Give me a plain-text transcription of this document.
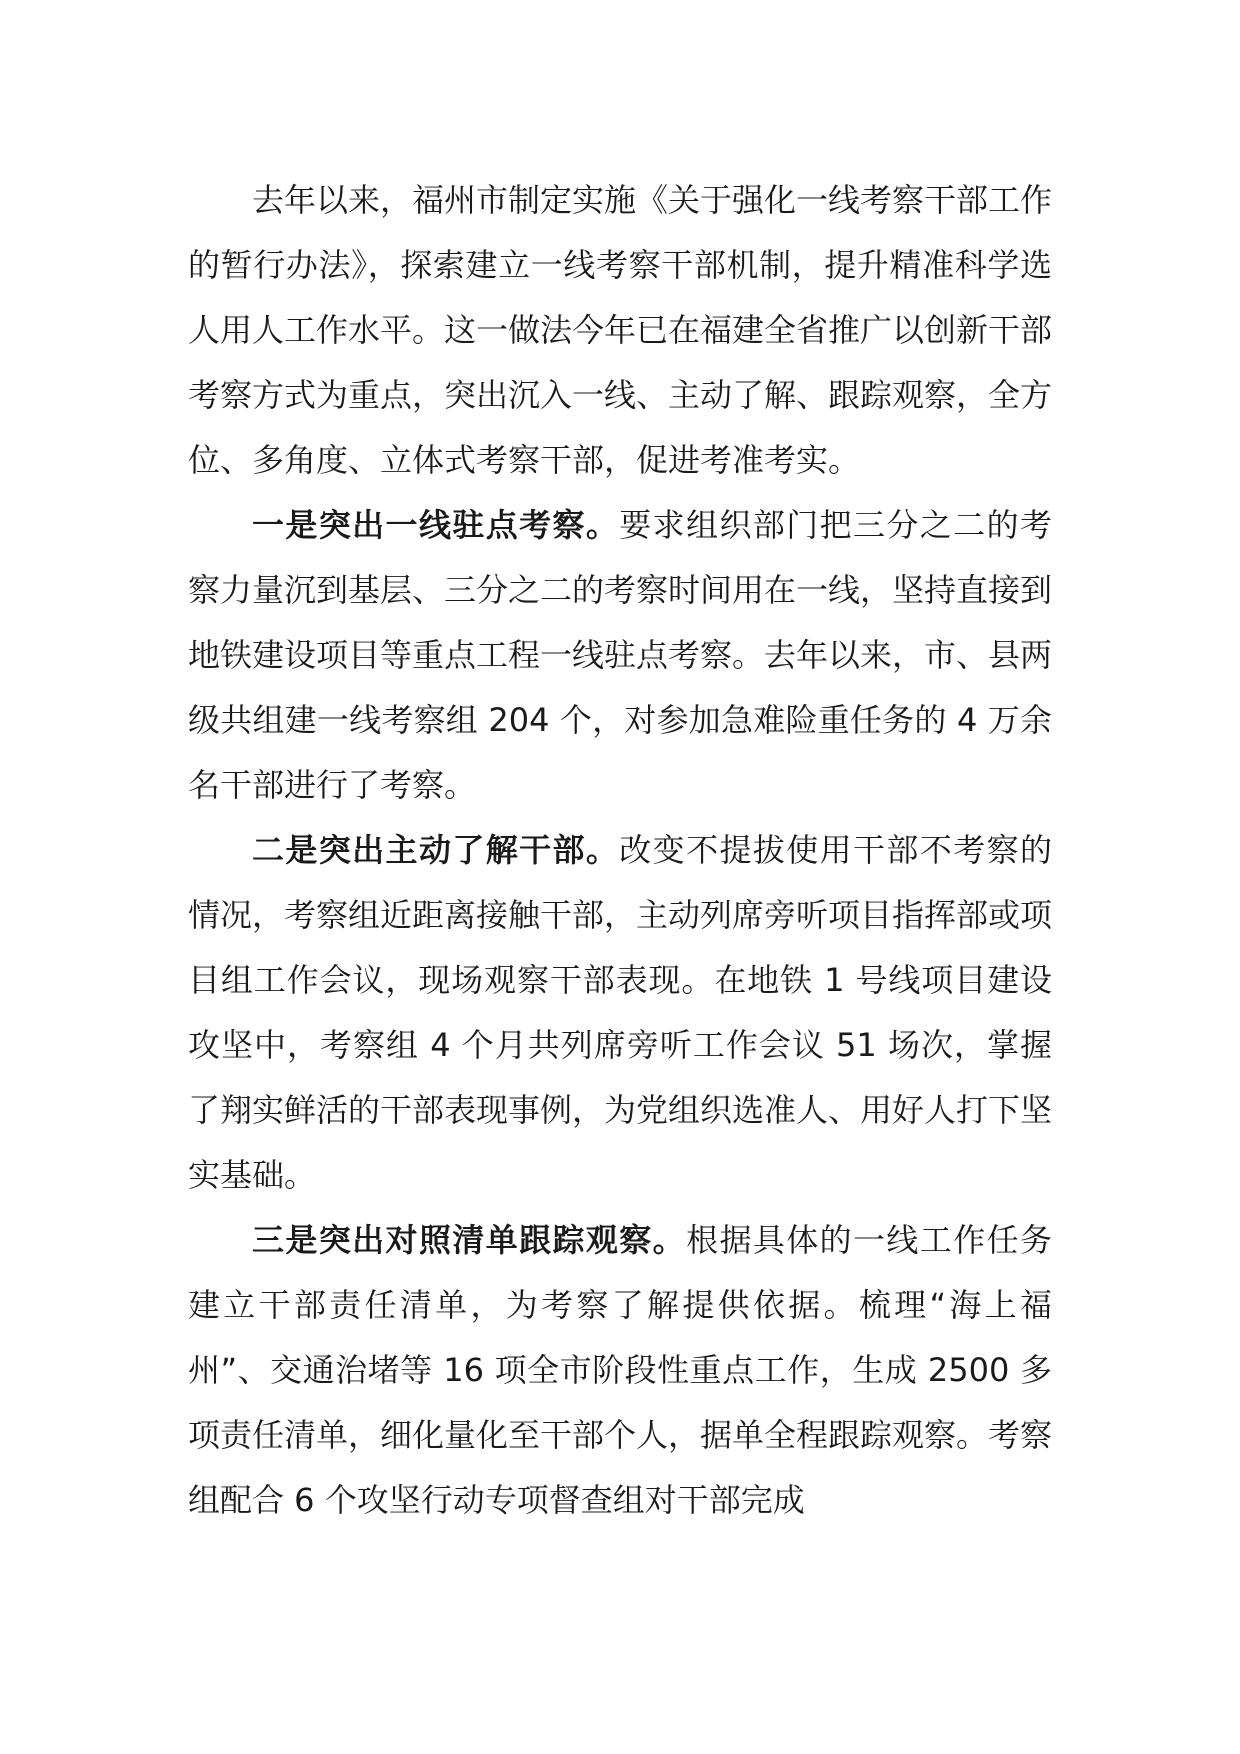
去年以来，福州市制定实施《关于强化一线考察干部工作的暂行办法》，探索建立一线考察干部机制，提升精准科学选人用人工作水平。这一做法今年已在福建全省推广以创新干部考察方式为重点，突出沉入一线、主动了解、跟踪观察，全方位、多角度、立体式考察干部，促进考准考实。

一是突出一线驻点考察。要求组织部门把三分之二的考察力量沉到基层、三分之二的考察时间用在一线，坚持直接到地铁建设项目等重点工程一线驻点考察。去年以来，市、县两级共组建一线考察组 204 个，对参加急难险重任务的 4 万余名干部进行了考察。

二是突出主动了解干部。改变不提拔使用干部不考察的情况，考察组近距离接触干部，主动列席旁听项目指挥部或项目组工作会议，现场观察干部表现。在地铁 1 号线项目建设攻坚中，考察组 4 个月共列席旁听工作会议 51 场次，掌握了翔实鲜活的干部表现事例，为党组织选准人、用好人打下坚实基础。

三是突出对照清单跟踪观察。根据具体的一线工作任务建立干部责任清单，为考察了解提供依据。梳理“海上福州”、交通治堵等 16 项全市阶段性重点工作，生成 2500 多项责任清单，细化量化至干部个人，据单全程跟踪观察。考察组配合 6 个攻坚行动专项督查组对干部完成
